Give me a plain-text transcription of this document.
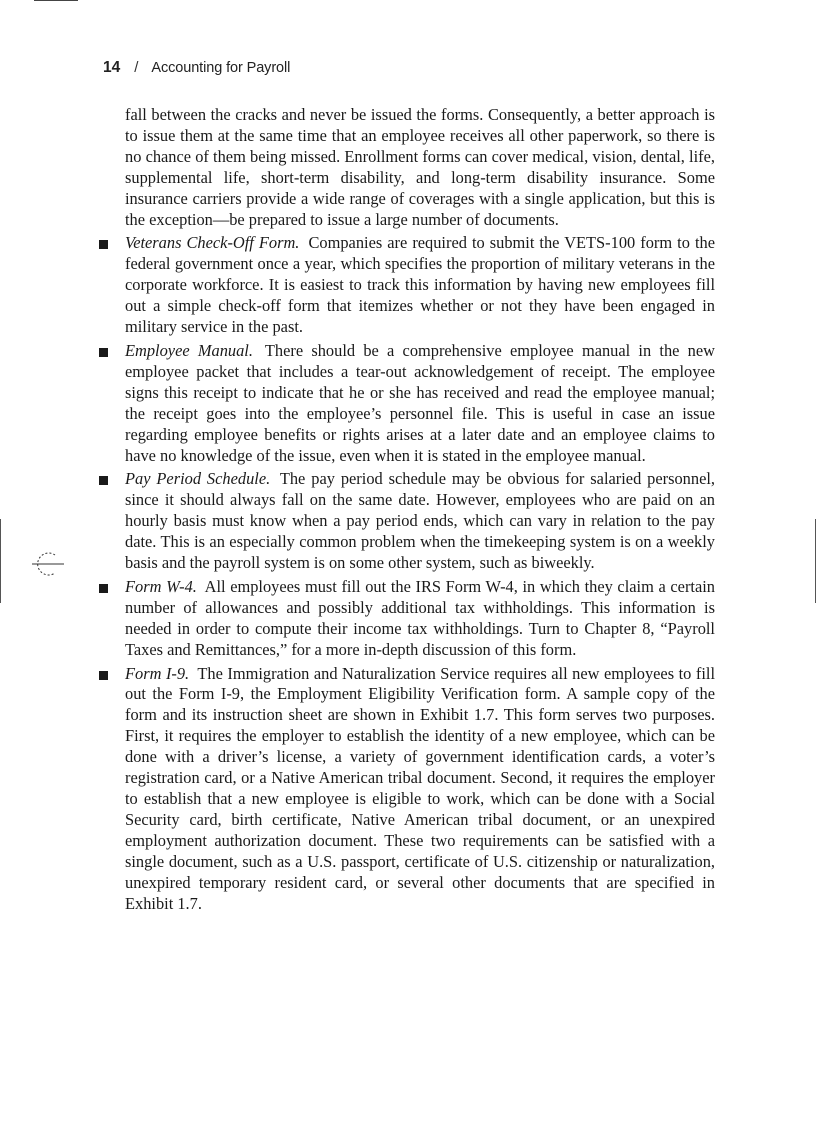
14 / Accounting for Payroll

fall between the cracks and never be issued the forms. Consequently, a better approach is to issue them at the same time that an employee receives all other paperwork, so there is no chance of them being missed. Enrollment forms can cover medical, vision, dental, life, supplemental life, short-term disability, and long-term disability insurance. Some insurance carriers provide a wide range of coverages with a single application, but this is the exception—be prepared to issue a large number of documents.

Veterans Check-Off Form. Companies are required to submit the VETS-100 form to the federal government once a year, which specifies the proportion of military veterans in the corporate workforce. It is easiest to track this information by having new employees fill out a simple check-off form that itemizes whether or not they have been engaged in military service in the past.
Employee Manual. There should be a comprehensive employee manual in the new employee packet that includes a tear-out acknowledgement of receipt. The employee signs this receipt to indicate that he or she has received and read the employee manual; the receipt goes into the employee’s personnel file. This is useful in case an issue regarding employee benefits or rights arises at a later date and an employee claims to have no knowledge of the issue, even when it is stated in the employee manual.
Pay Period Schedule. The pay period schedule may be obvious for salaried personnel, since it should always fall on the same date. However, employees who are paid on an hourly basis must know when a pay period ends, which can vary in relation to the pay date. This is an especially common problem when the timekeeping system is on a weekly basis and the payroll system is on some other system, such as biweekly.
Form W-4. All employees must fill out the IRS Form W-4, in which they claim a certain number of allowances and possibly additional tax withholdings. This information is needed in order to compute their income tax withholdings. Turn to Chapter 8, “Payroll Taxes and Remittances,” for a more in-depth discussion of this form.
Form I-9. The Immigration and Naturalization Service requires all new employees to fill out the Form I-9, the Employment Eligibility Verification form. A sample copy of the form and its instruction sheet are shown in Exhibit 1.7. This form serves two purposes. First, it requires the employer to establish the identity of a new employee, which can be done with a driver’s license, a variety of government identification cards, a voter’s registration card, or a Native American tribal document. Second, it requires the employer to establish that a new employee is eligible to work, which can be done with a Social Security card, birth certificate, Native American tribal document, or an unexpired employment authorization document. These two requirements can be satisfied with a single document, such as a U.S. passport, certificate of U.S. citizenship or naturalization, unexpired temporary resident card, or several other documents that are specified in Exhibit 1.7.
